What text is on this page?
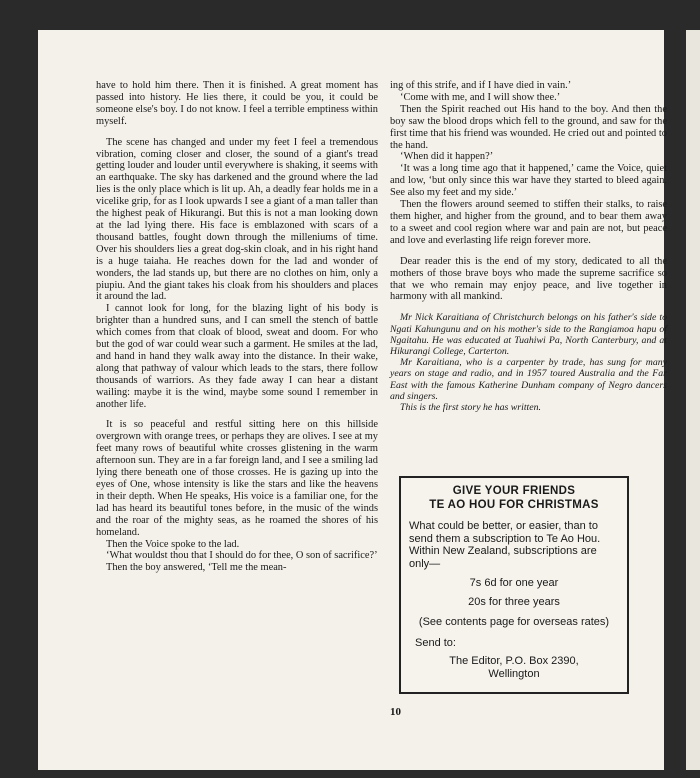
have to hold him there. Then it is finished. A great moment has passed into history. He lies there, it could be you, it could be someone else's boy. I do not know. I feel a terrible emptiness within myself.

The scene has changed and under my feet I feel a tremendous vibration, coming closer and closer, the sound of a giant's tread getting louder and louder until everywhere is shaking, it seems with an earthquake. The sky has darkened and the ground where the lad lies is the only place which is lit up. Ah, a deadly fear holds me in a vicelike grip, for as I look upwards I see a giant of a man taller than the highest peak of Hikurangi. But this is not a man looking down at the lad lying there. His face is emblazoned with scars of a thousand battles, fought down through the milleniums of time. Over his shoulders lies a great dog-skin cloak, and in his right hand is a huge taiaha. He reaches down for the lad and wonder of wonders, the lad stands up, but there are no clothes on him, only a piupiu. And the giant takes his cloak from his shoulders and places it around the lad.

I cannot look for long, for the blazing light of his body is brighter than a hundred suns, and I can smell the stench of battle which comes from that cloak of blood, sweat and doom. For who but the god of war could wear such a garment. He smiles at the lad, and hand in hand they walk away into the distance. In their wake, along that pathway of valour which leads to the stars, there follow thousands of warriors. As they fade away I can hear a distant wailing: maybe it is the wind, maybe some sound I remember in another life.

It is so peaceful and restful sitting here on this hillside overgrown with orange trees, or perhaps they are olives. I see at my feet many rows of beautiful white crosses glistening in the warm afternoon sun. They are in a far foreign land, and I see a smiling lad lying there beneath one of those crosses. He is gazing up into the eyes of One, whose intensity is like the stars and like the heavens in their depth. When He speaks, His voice is a familiar one, for the lad has heard its beautiful tones before, in the music of the winds and the roar of the mighty seas, as he roamed the shores of his homeland.

Then the Voice spoke to the lad.

‘What wouldst thou that I should do for thee, O son of sacrifice?’

Then the boy answered, ‘Tell me the mean-

ing of this strife, and if I have died in vain.’

‘Come with me, and I will show thee.’

Then the Spirit reached out His hand to the boy. And then the boy saw the blood drops which fell to the ground, and saw for the first time that his friend was wounded. He cried out and pointed to the hand.

‘When did it happen?’

‘It was a long time ago that it happened,’ came the Voice, quiet and low, ‘but only since this war have they started to bleed again. See also my feet and my side.’

Then the flowers around seemed to stiffen their stalks, to raise them higher, and higher from the ground, and to bear them away to a sweet and cool region where war and pain are not, but peace and love and everlasting life reign forever more.

Dear reader this is the end of my story, dedicated to all the mothers of those brave boys who made the supreme sacrifice so that we who remain may enjoy peace, and live together in harmony with all mankind.

Mr Nick Karaitiana of Christchurch belongs on his father's side to Ngati Kahungunu and on his mother's side to the Rangiamoa hapu of Ngaitahu. He was educated at Tuahiwi Pa, North Canterbury, and at Hikurangi College, Carterton.

Mr Karaitiana, who is a carpenter by trade, has sung for many years on stage and radio, and in 1957 toured Australia and the Far East with the famous Katherine Dunham company of Negro dancers and singers.

This is the first story he has written.

GIVE YOUR FRIENDS
TE AO HOU FOR CHRISTMAS
What could be better, or easier, than to send them a subscription to Te Ao Hou. Within New Zealand, subscriptions are only—
7s 6d for one year
20s for three years
(See contents page for overseas rates)
Send to:
The Editor, P.O. Box 2390,
Wellington
10
